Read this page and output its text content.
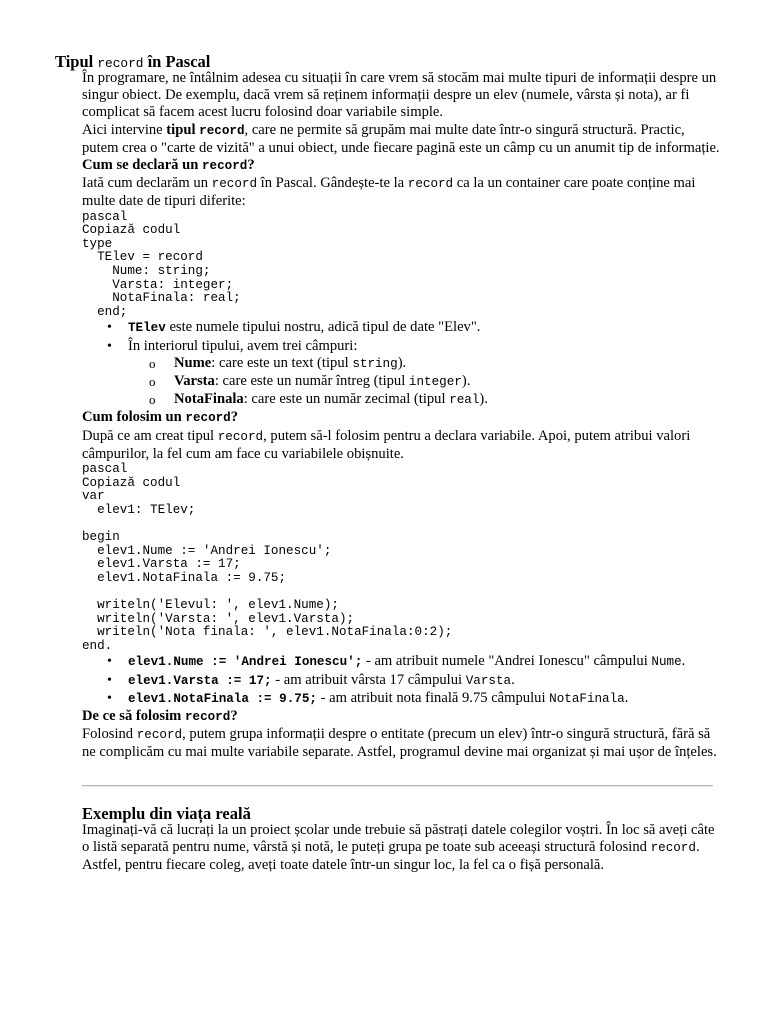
Tipul record în Pascal

În programare, ne întâlnim adesea cu situații în care vrem să stocăm mai multe tipuri de informații despre un singur obiect. De exemplu, dacă vrem să reținem informații despre un elev (numele, vârsta și nota), ar fi complicat să facem acest lucru folosind doar variabile simple.

Aici intervine tipul record, care ne permite să grupăm mai multe date într-o singură structură. Practic, putem crea o "carte de vizită" a unui obiect, unde fiecare pagină este un câmp cu un anumit tip de informație.

Cum se declară un record?

Iată cum declarăm un record în Pascal. Gândește-te la record ca la un container care poate conține mai multe date de tipuri diferite:

pascal
Copiază codul
type
TElev = record
Nume: string;
Varsta: integer;
NotaFinala: real;
end;
• TElev este numele tipului nostru, adică tipul de date "Elev".
• În interiorul tipului, avem trei câmpuri:
o Nume: care este un text (tipul string).
o Varsta: care este un număr întreg (tipul integer).
o NotaFinala: care este un număr zecimal (tipul real).
Cum folosim un record?

După ce am creat tipul record, putem să-l folosim pentru a declara variabile. Apoi, putem atribui valori câmpurilor, la fel cum am face cu variabilele obișnuite.

pascal
Copiază codul
var
elev1: TElev;

begin
elev1.Nume := 'Andrei Ionescu';
elev1.Varsta := 17;
elev1.NotaFinala := 9.75;

writeln('Elevul: ', elev1.Nume);
writeln('Varsta: ', elev1.Varsta);
writeln('Nota finala: ', elev1.NotaFinala:0:2);
end.
• elev1.Nume := 'Andrei Ionescu'; - am atribuit numele "Andrei Ionescu" câmpului Nume.
• elev1.Varsta := 17; - am atribuit vârsta 17 câmpului Varsta.
• elev1.NotaFinala := 9.75; - am atribuit nota finală 9.75 câmpului NotaFinala.
De ce să folosim record?

Folosind record, putem grupa informații despre o entitate (precum un elev) într-o singură structură, fără să ne complicăm cu mai multe variabile separate. Astfel, programul devine mai organizat și mai ușor de înțeles.

Exemplu din viața reală

Imaginați-vă că lucrați la un proiect școlar unde trebuie să păstrați datele colegilor voștri. În loc să aveți câte o listă separată pentru nume, vârstă și notă, le puteți grupa pe toate sub aceeași structură folosind record. Astfel, pentru fiecare coleg, aveți toate datele într-un singur loc, la fel ca o fișă personală.
